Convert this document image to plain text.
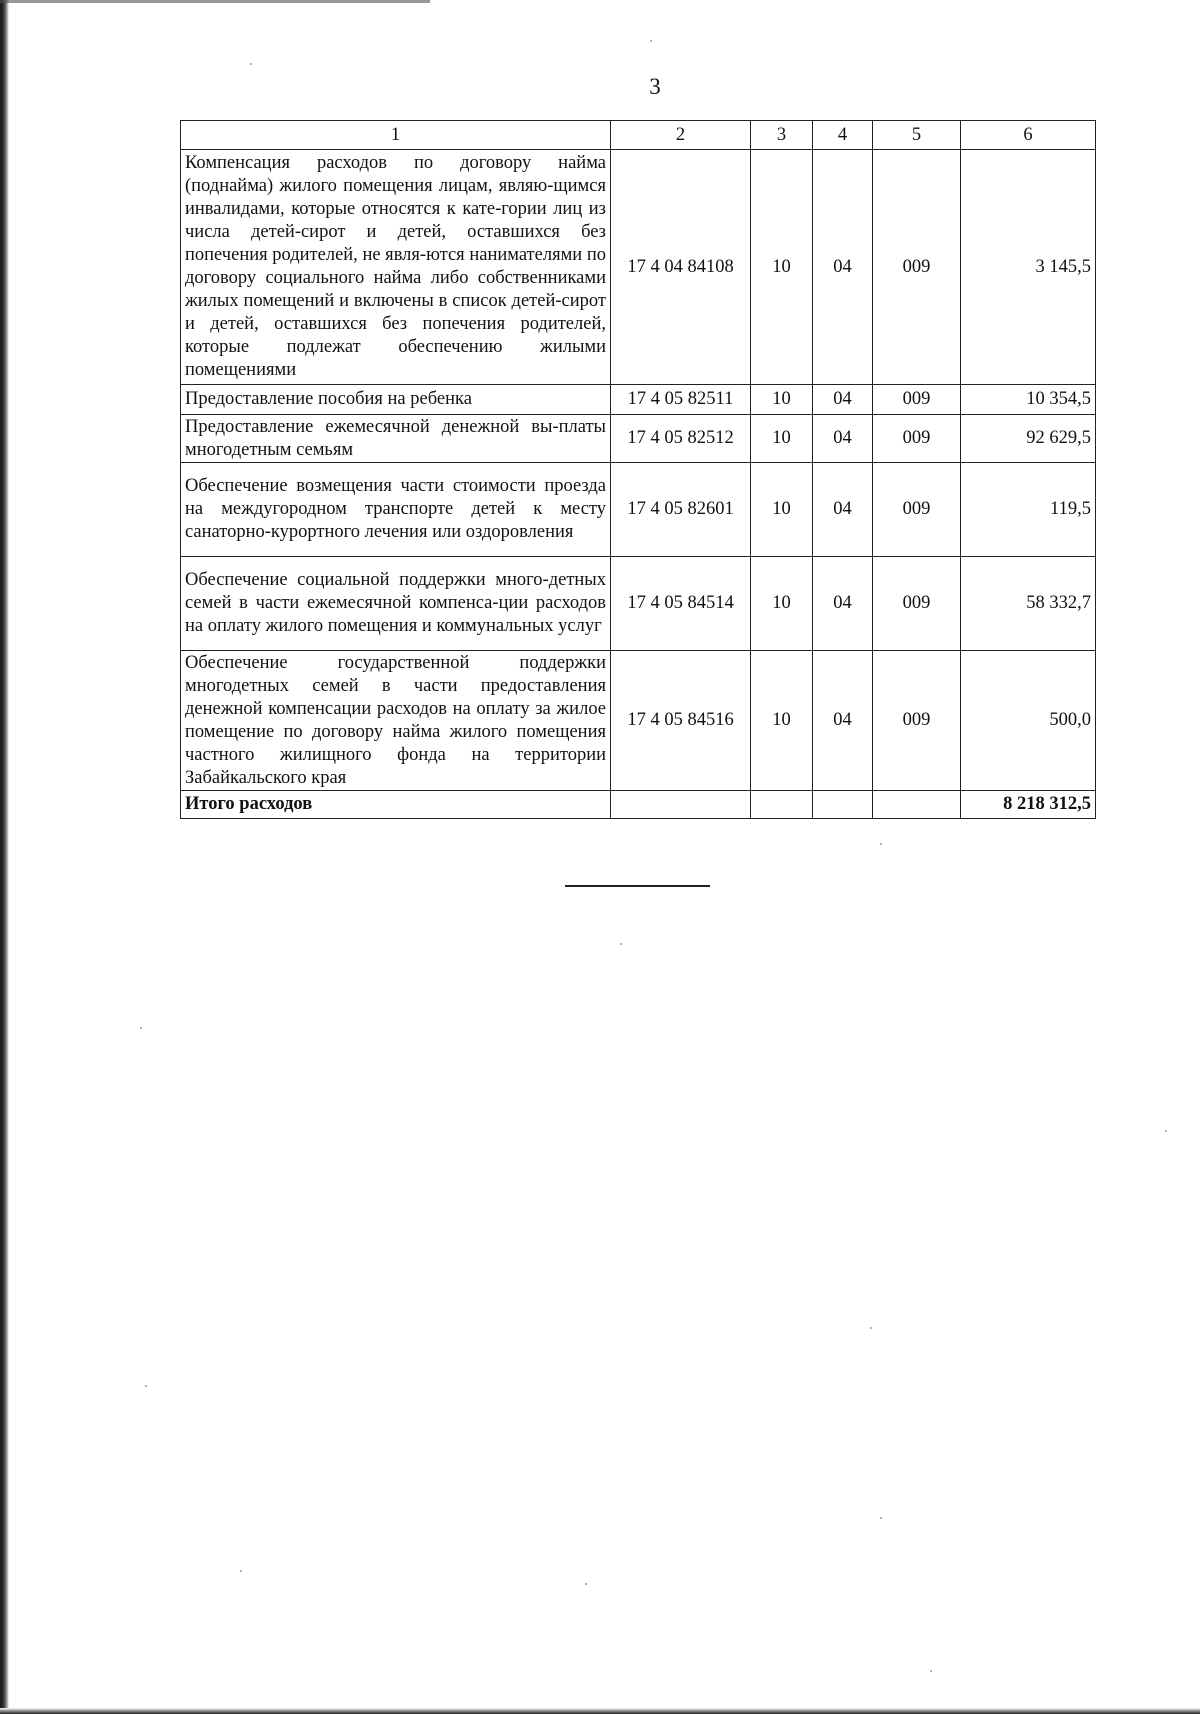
3
1	2	3	4	5	6
Компенсация расходов по договору найма (поднайма) жилого помещения лицам, являю-щимся инвалидами, которые относятся к кате-гории лиц из числа детей-сирот и детей, оставшихся без попечения родителей, не явля-ются нанимателями по договору социального найма либо собственниками жилых помещений и включены в список детей-сирот и детей, оставшихся без попечения родителей, которые подлежат обеспечению жилыми помещениями	17 4 04 84108	10	04	009	3 145,5
Предоставление пособия на ребенка	17 4 05 82511	10	04	009	10 354,5
Предоставление ежемесячной денежной вы-платы многодетным семьям	17 4 05 82512	10	04	009	92 629,5
Обеспечение возмещения части стоимости проезда на междугородном транспорте детей к месту санаторно-курортного лечения или оздоровления	17 4 05 82601	10	04	009	119,5
Обеспечение социальной поддержки много-детных семей в части ежемесячной компенса-ции расходов на оплату жилого помещения и коммунальных услуг	17 4 05 84514	10	04	009	58 332,7
Обеспечение государственной поддержки многодетных семей в части предоставления денежной компенсации расходов на оплату за жилое помещение по договору найма жилого помещения частного жилищного фонда на территории Забайкальского края	17 4 05 84516	10	04	009	500,0
Итого расходов					8 218 312,5
